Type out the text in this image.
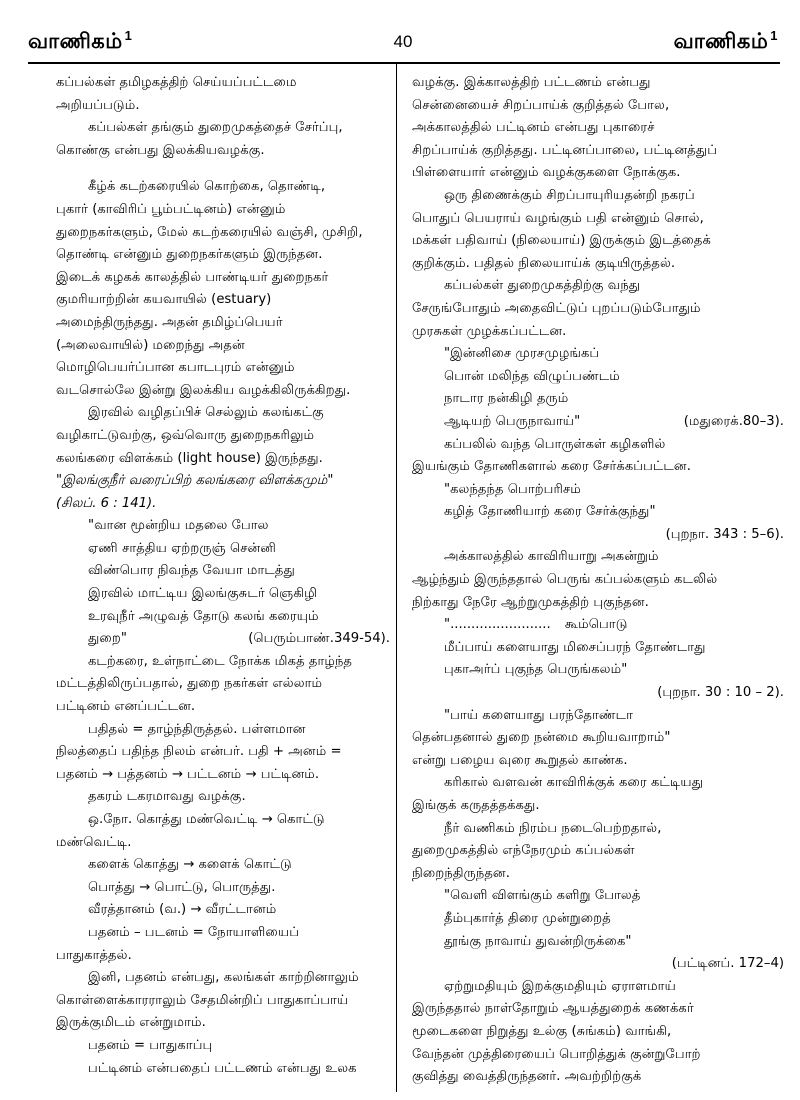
வாணிகம் $^1$	40	வாணிகம் $^1$
கப்பல்கள் தமிழகத்திற் செய்யப்பட்டமை
அறியப்படும்.
கப்பல்கள் தங்கும் துறைமுகத்தைச் சேர்ப்பு,
கொண்கு என்பது இலக்கியவழக்கு.
கீழ்க் கடற்கரையில் கொற்கை, தொண்டி,
புகார் (காவிரிப் பூம்பட்டினம்) என்னும்
துறைநகர்களும், மேல் கடற்கரையில் வஞ்சி, முசிறி,
தொண்டி என்னும் துறைநகர்களும் இருந்தன.
இடைக் கழகக் காலத்தில் பாண்டியர் துறைநகர்
குமரியாற்றின் கயவாயில் (estuary)
அமைந்திருந்தது. அதன் தமிழ்ப்பெயர்
(அலைவாயில்) மறைந்து அதன்
மொழிபெயர்ப்பான கபாடபுரம் என்னும்
வடசொல்லே இன்று இலக்கிய வழக்கிலிருக்கிறது.
இரவில் வழிதப்பிச் செல்லும் கலங்கட்கு
வழிகாட்டுவற்கு, ஒவ்வொரு துறைநகரிலும்
கலங்கரை விளக்கம் (light house) இருந்தது.
"இலங்குநீர் வரைப்பிற் கலங்கரை விளக்கமும்"
(சிலப். 6 : 141).
"வான மூன்றிய மதலை போல
ஏணி சாத்திய ஏற்றருஞ் சென்னி
விண்பொர நிவந்த வேயா மாடத்து
இரவில் மாட்டிய இலங்குசுடர் ஞெகிழி
உரவுநீர் அழுவத் தோடு கலங் கரையும்
துறை"	(பெரும்பாண்.349-54).
கடற்கரை, உள்நாட்டை நோக்க மிகத் தாழ்ந்த
மட்டத்திலிருப்பதால், துறை நகர்கள் எல்லாம்
பட்டினம் எனப்பட்டன.
பதிதல் = தாழ்ந்திருத்தல். பள்ளமான
நிலத்தைப் பதிந்த நிலம் என்பர். பதி + அனம் =
பதனம் → பத்தனம் → பட்டனம் → பட்டினம்.
தகரம் டகரமாவது வழக்கு.
ஒ.நோ. கொத்து மண்வெட்டி → கொட்டு
மண்வெட்டி.
களைக் கொத்து → களைக் கொட்டு
பொத்து → பொட்டு, பொருத்து.
வீரத்தானம் (வ.) → வீரட்டானம்
பதனம் – படனம் = நோயாளியைப்
பாதுகாத்தல்.
இனி, பதனம் என்பது, கலங்கள் காற்றினாலும்
கொள்ளைக்காரராலும் சேதமின்றிப் பாதுகாப்பாய்
இருக்குமிடம் என்றுமாம்.
பதனம் = பாதுகாப்பு
பட்டினம் என்பதைப் பட்டணம் என்பது உலக
வழக்கு. இக்காலத்திற் பட்டணம் என்பது
சென்னையைச் சிறப்பாய்க் குறித்தல் போல,
அக்காலத்தில் பட்டினம் என்பது புகாரைச்
சிறப்பாய்க் குறித்தது. பட்டினப்பாலை, பட்டினத்துப்
பிள்ளையார் என்னும் வழக்குகளை நோக்குக.
ஒரு திணைக்கும் சிறப்பாயுரியதன்றி நகரப்
பொதுப் பெயராய் வழங்கும் பதி என்னும் சொல்,
மக்கள் பதிவாய் (நிலையாய்) இருக்கும் இடத்தைக்
குறிக்கும். பதிதல் நிலையாய்க் குடியிருத்தல்.
கப்பல்கள் துறைமுகத்திற்கு வந்து
சேருங்போதும் அதைவிட்டுப் புறப்படும்போதும்
முரசுகள் முழக்கப்பட்டன.
"இன்னிசை முரசமுழங்கப்
பொன் மலிந்த விழுப்பண்டம்
நாடார நன்கிழி தரும்
ஆடியற் பெருநாவாய்"	(மதுரைக்.80–3).
கப்பலில் வந்த பொருள்கள் கழிகளில்
இயங்கும் தோணிகளால் கரை சேர்க்கப்பட்டன.
"கலந்தந்த பொற்பரிசம்
கழித் தோணியாற் கரை சேர்க்குந்து"
(புறநா. 343 : 5–6).
அக்காலத்தில் காவிரியாறு அகன்றும்
ஆழ்ந்தும் இருந்ததால் பெருங் கப்பல்களும் கடலில்
நிற்காது நேரே ஆற்றுமுகத்திற் புகுந்தன.
"........................ கூம்பொடு
மீப்பாய் களையாது மிசைப்பரந் தோண்டாது
புகாஅர்ப் புகுந்த பெருங்கலம்"
(புறநா. 30 : 10 – 2).
"பாய் களையாது பரந்தோண்டா
தென்பதனால் துறை நன்மை கூறியவாறாம்"
என்று பழைய வுரை கூறுதல் காண்க.
கரிகால் வளவன் காவிரிக்குக் கரை கட்டியது
இங்குக் கருதத்தக்கது.
நீர் வணிகம் நிரம்ப நடைபெற்றதால்,
துறைமுகத்தில் எந்நேரமும் கப்பல்கள்
நிறைந்திருந்தன.
"வெளி விளங்கும் களிறு போலத்
தீம்புகார்த் திரை முன்றுறைத்
தூங்கு நாவாய் துவன்றிருக்கை"
(பட்டினப். 172–4)
ஏற்றுமதியும் இறக்குமதியும் ஏராளமாய்
இருந்ததால் நாள்தோறும் ஆயத்துறைக் கணக்கர்
மூடைகளை நிறுத்து உல்கு (சுங்கம்) வாங்கி,
வேந்தன் முத்திரையைப் பொறித்துக் குன்றுபோற்
குவித்து வைத்திருந்தனர். அவற்றிற்குக்
